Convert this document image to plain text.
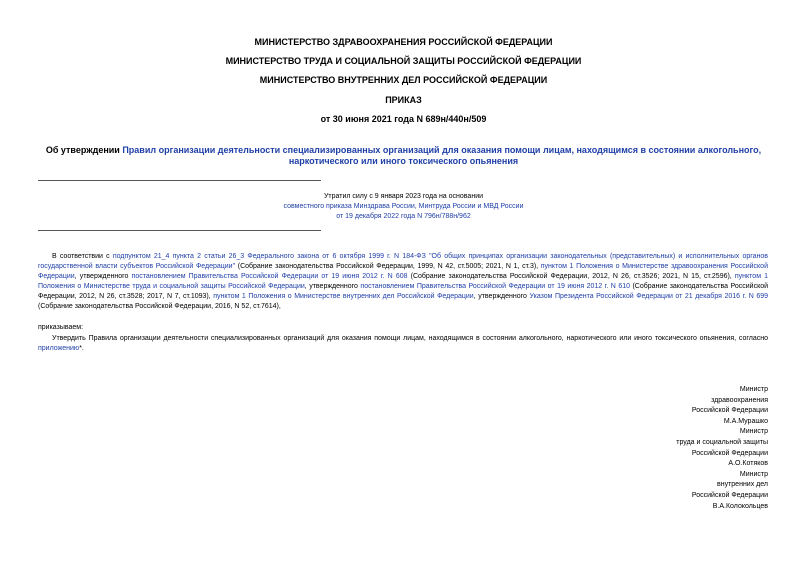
МИНИСТЕРСТВО ЗДРАВООХРАНЕНИЯ РОССИЙСКОЙ ФЕДЕРАЦИИ
МИНИСТЕРСТВО ТРУДА И СОЦИАЛЬНОЙ ЗАЩИТЫ РОССИЙСКОЙ ФЕДЕРАЦИИ
МИНИСТЕРСТВО ВНУТРЕННИХ ДЕЛ РОССИЙСКОЙ ФЕДЕРАЦИИ
ПРИКАЗ
от 30 июня 2021 года N 689н/440н/509
Об утверждении Правил организации деятельности специализированных организаций для оказания помощи лицам, находящимся в состоянии алкогольного, наркотического или иного токсического опьянения
Утратил силу с 9 января 2023 года на основании
совместного приказа Минздрава России, Минтруда России и МВД России
от 19 декабря 2022 года N 796н/788н/962
В соответствии с подпунктом 21_4 пункта 2 статьи 26_3 Федерального закона от 6 октября 1999 г. N 184-ФЗ "Об общих принципах организации законодательных (представительных) и исполнительных органов государственной власти субъектов Российской Федерации" (Собрание законодательства Российской Федерации, 1999, N 42, ст.5005; 2021, N 1, ст.3), пунктом 1 Положения о Министерстве здравоохранения Российской Федерации, утвержденного постановлением Правительства Российской Федерации от 19 июня 2012 г. N 608 (Собрание законодательства Российской Федерации, 2012, N 26, ст.3526; 2021, N 15, ст.2596), пунктом 1 Положения о Министерстве труда и социальной защиты Российской Федерации, утвержденного постановлением Правительства Российской Федерации от 19 июня 2012 г. N 610 (Собрание законодательства Российской Федерации, 2012, N 26, ст.3528; 2017, N 7, ст.1093), пунктом 1 Положения о Министерстве внутренних дел Российской Федерации, утвержденного Указом Президента Российской Федерации от 21 декабря 2016 г. N 699 (Собрание законодательства Российской Федерации, 2016, N 52, ст.7614),
приказываем:
Утвердить Правила организации деятельности специализированных организаций для оказания помощи лицам, находящимся в состоянии алкогольного, наркотического или иного токсического опьянения, согласно приложению*.
Министр
здравоохранения
Российской Федерации
М.А.Мурашко
Министр
труда и социальной защиты
Российской Федерации
А.О.Котяков
Министр
внутренних дел
Российской Федерации
В.А.Колокольцев
